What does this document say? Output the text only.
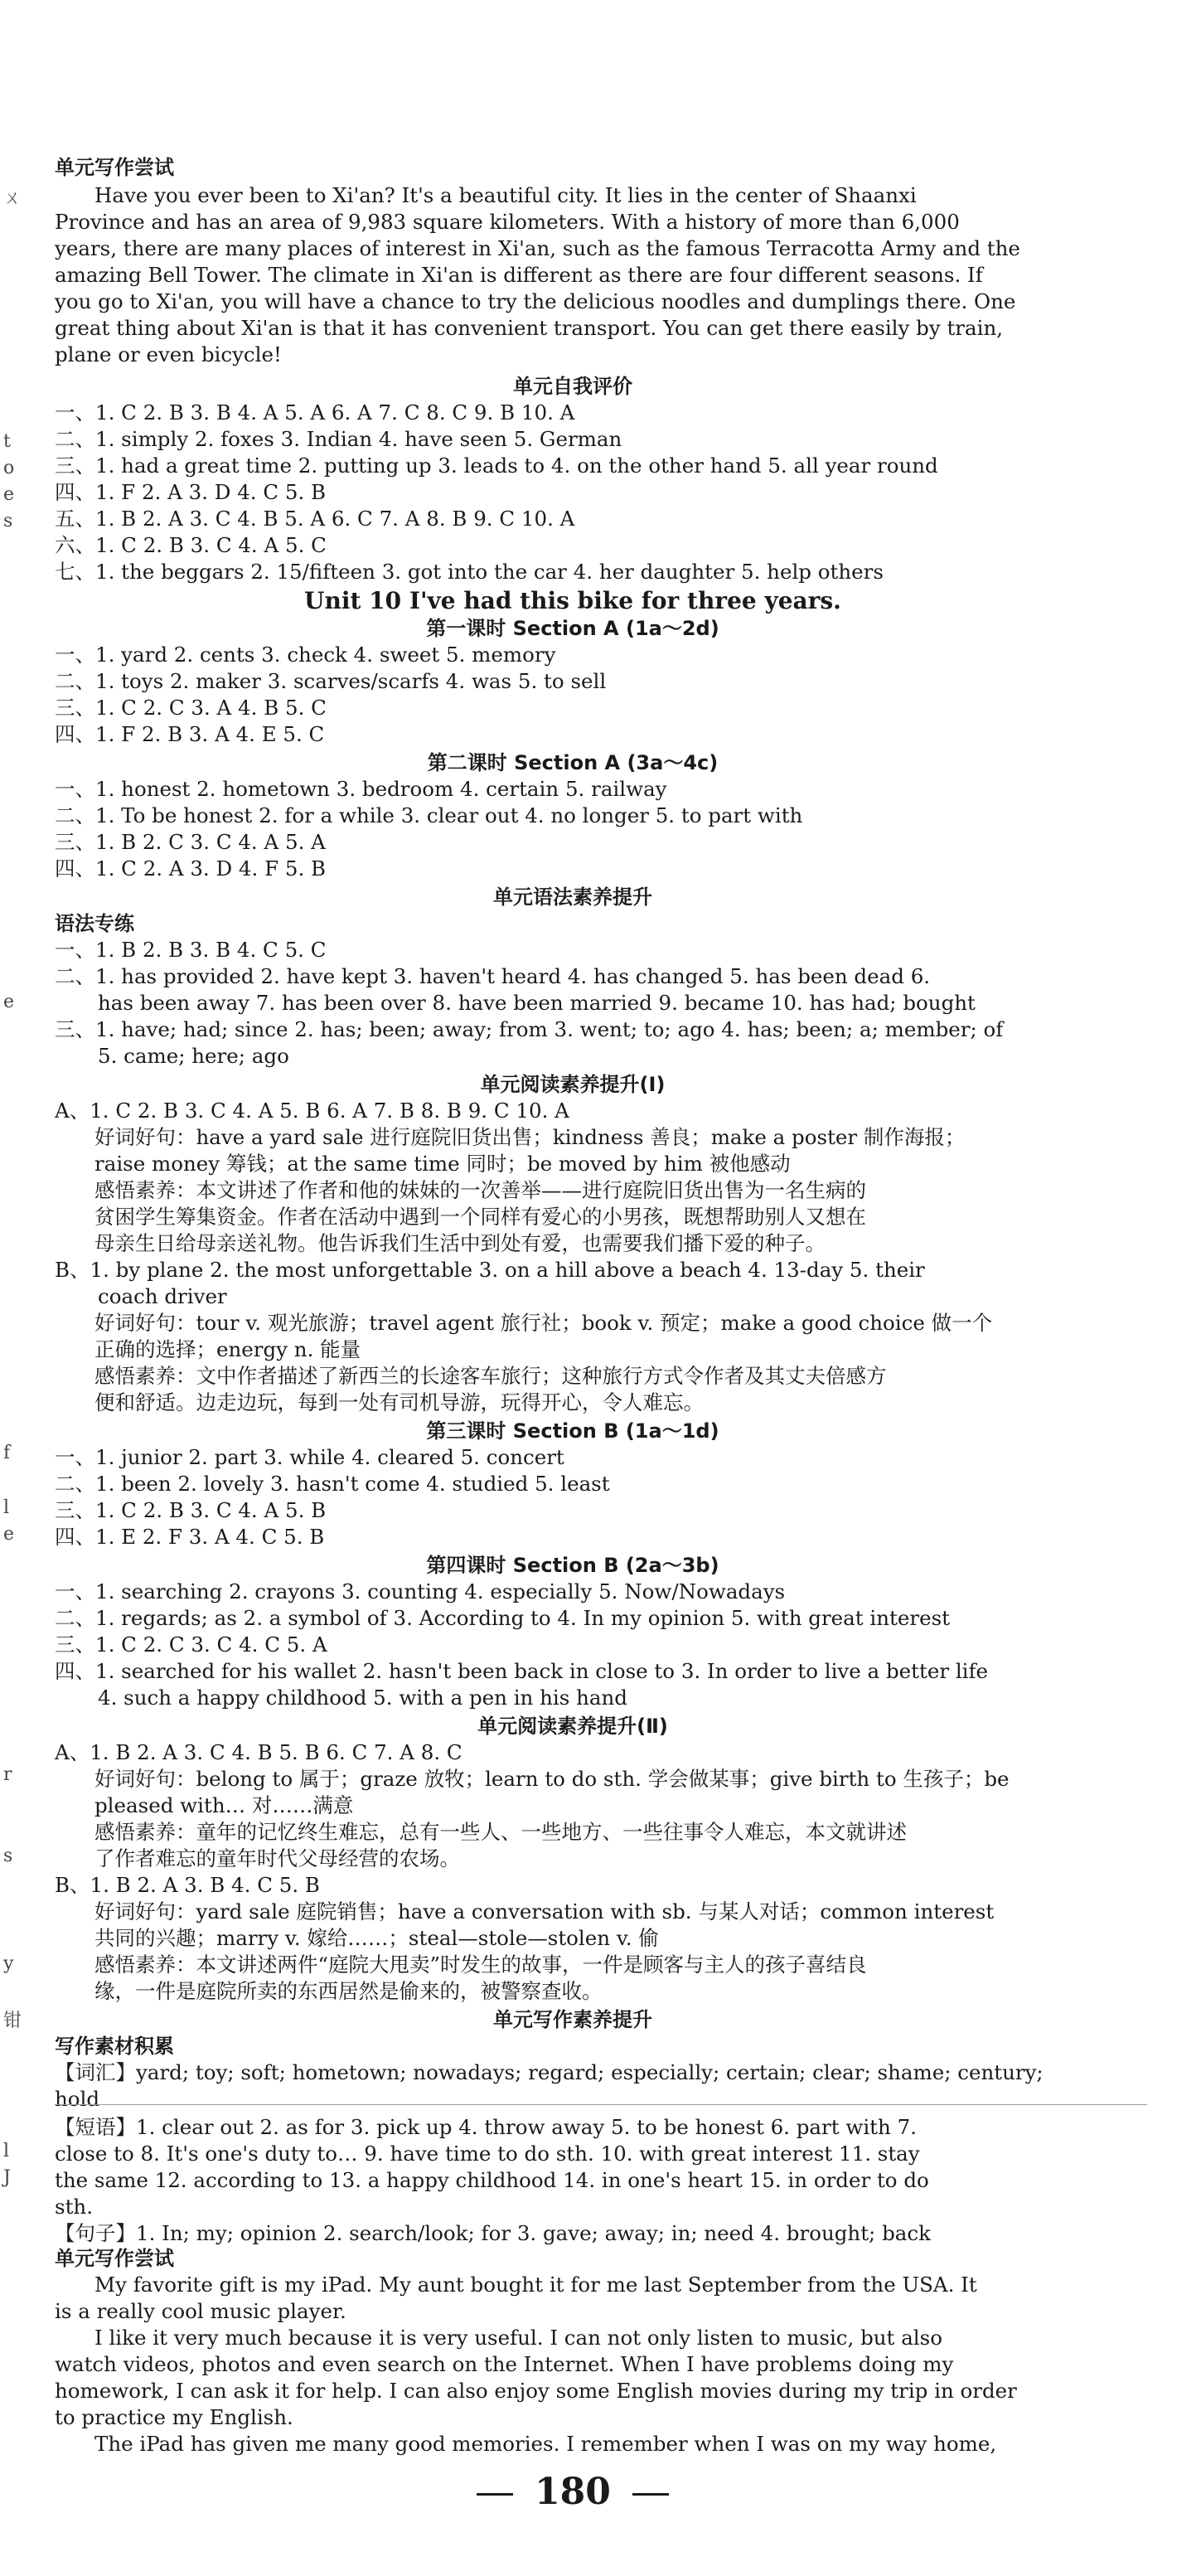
单元写作尝试
Have you ever been to Xi'an? It's a beautiful city. It lies in the center of Shaanxi
Province and has an area of 9,983 square kilometers. With a history of more than 6,000
years, there are many places of interest in Xi'an, such as the famous Terracotta Army and the
amazing Bell Tower. The climate in Xi'an is different as there are four different seasons. If
you go to Xi'an, you will have a chance to try the delicious noodles and dumplings there. One
great thing about Xi'an is that it has convenient transport. You can get there easily by train,
plane or even bicycle!
单元自我评价
一、1. C 2. B 3. B 4. A 5. A 6. A 7. C 8. C 9. B 10. A
二、1. simply 2. foxes 3. Indian 4. have seen 5. German
三、1. had a great time 2. putting up 3. leads to 4. on the other hand 5. all year round
四、1. F 2. A 3. D 4. C 5. B
五、1. B 2. A 3. C 4. B 5. A 6. C 7. A 8. B 9. C 10. A
六、1. C 2. B 3. C 4. A 5. C
七、1. the beggars 2. 15/fifteen 3. got into the car 4. her daughter 5. help others
Unit 10 I've had this bike for three years.
第一课时 Section A (1a～2d)
一、1. yard 2. cents 3. check 4. sweet 5. memory
二、1. toys 2. maker 3. scarves/scarfs 4. was 5. to sell
三、1. C 2. C 3. A 4. B 5. C
四、1. F 2. B 3. A 4. E 5. C
第二课时 Section A (3a～4c)
一、1. honest 2. hometown 3. bedroom 4. certain 5. railway
二、1. To be honest 2. for a while 3. clear out 4. no longer 5. to part with
三、1. B 2. C 3. C 4. A 5. A
四、1. C 2. A 3. D 4. F 5. B
单元语法素养提升
语法专练
一、1. B 2. B 3. B 4. C 5. C
二、1. has provided 2. have kept 3. haven't heard 4. has changed 5. has been dead 6.
has been away 7. has been over 8. have been married 9. became 10. has had; bought
三、1. have; had; since 2. has; been; away; from 3. went; to; ago 4. has; been; a; member; of
5. came; here; ago
单元阅读素养提升(Ⅰ)
A、1. C 2. B 3. C 4. A 5. B 6. A 7. B 8. B 9. C 10. A
好词好句：have a yard sale 进行庭院旧货出售；kindness 善良；make a poster 制作海报；
raise money 筹钱；at the same time 同时；be moved by him 被他感动
感悟素养：本文讲述了作者和他的妹妹的一次善举——进行庭院旧货出售为一名生病的
贫困学生筹集资金。作者在活动中遇到一个同样有爱心的小男孩，既想帮助别人又想在
母亲生日给母亲送礼物。他告诉我们生活中到处有爱，也需要我们播下爱的种子。
B、1. by plane 2. the most unforgettable 3. on a hill above a beach 4. 13-day 5. their
coach driver
好词好句：tour v. 观光旅游；travel agent 旅行社；book v. 预定；make a good choice 做一个
正确的选择；energy n. 能量
感悟素养：文中作者描述了新西兰的长途客车旅行；这种旅行方式令作者及其丈夫倍感方
便和舒适。边走边玩，每到一处有司机导游，玩得开心，令人难忘。
第三课时 Section B (1a～1d)
一、1. junior 2. part 3. while 4. cleared 5. concert
二、1. been 2. lovely 3. hasn't come 4. studied 5. least
三、1. C 2. B 3. C 4. A 5. B
四、1. E 2. F 3. A 4. C 5. B
第四课时 Section B (2a～3b)
一、1. searching 2. crayons 3. counting 4. especially 5. Now/Nowadays
二、1. regards; as 2. a symbol of 3. According to 4. In my opinion 5. with great interest
三、1. C 2. C 3. C 4. C 5. A
四、1. searched for his wallet 2. hasn't been back in close to 3. In order to live a better life
4. such a happy childhood 5. with a pen in his hand
单元阅读素养提升(Ⅱ)
A、1. B 2. A 3. C 4. B 5. B 6. C 7. A 8. C
好词好句：belong to 属于；graze 放牧；learn to do sth. 学会做某事；give birth to 生孩子；be
pleased with… 对……满意
感悟素养：童年的记忆终生难忘，总有一些人、一些地方、一些往事令人难忘，本文就讲述
了作者难忘的童年时代父母经营的农场。
B、1. B 2. A 3. B 4. C 5. B
好词好句：yard sale 庭院销售；have a conversation with sb. 与某人对话；common interest
共同的兴趣；marry v. 嫁给……；steal—stole—stolen v. 偷
感悟素养：本文讲述两件“庭院大甩卖”时发生的故事，一件是顾客与主人的孩子喜结良
缘，一件是庭院所卖的东西居然是偷来的，被警察查收。
单元写作素养提升
写作素材积累
【词汇】yard; toy; soft; hometown; nowadays; regard; especially; certain; clear; shame; century;
hold
【短语】1. clear out 2. as for 3. pick up 4. throw away 5. to be honest 6. part with 7.
close to 8. It's one's duty to… 9. have time to do sth. 10. with great interest 11. stay
the same 12. according to 13. a happy childhood 14. in one's heart 15. in order to do
sth.
【句子】1. In; my; opinion 2. search/look; for 3. gave; away; in; need 4. brought; back
单元写作尝试
My favorite gift is my iPad. My aunt bought it for me last September from the USA. It
is a really cool music player.
I like it very much because it is very useful. I can not only listen to music, but also
watch videos, photos and even search on the Internet. When I have problems doing my
homework, I can ask it for help. I can also enjoy some English movies during my trip in order
to practice my English.
The iPad has given me many good memories. I remember when I was on my way home,
180
ㄨ
t
o
e
s
e
f
l
e
r
s
y
钳
l
J
